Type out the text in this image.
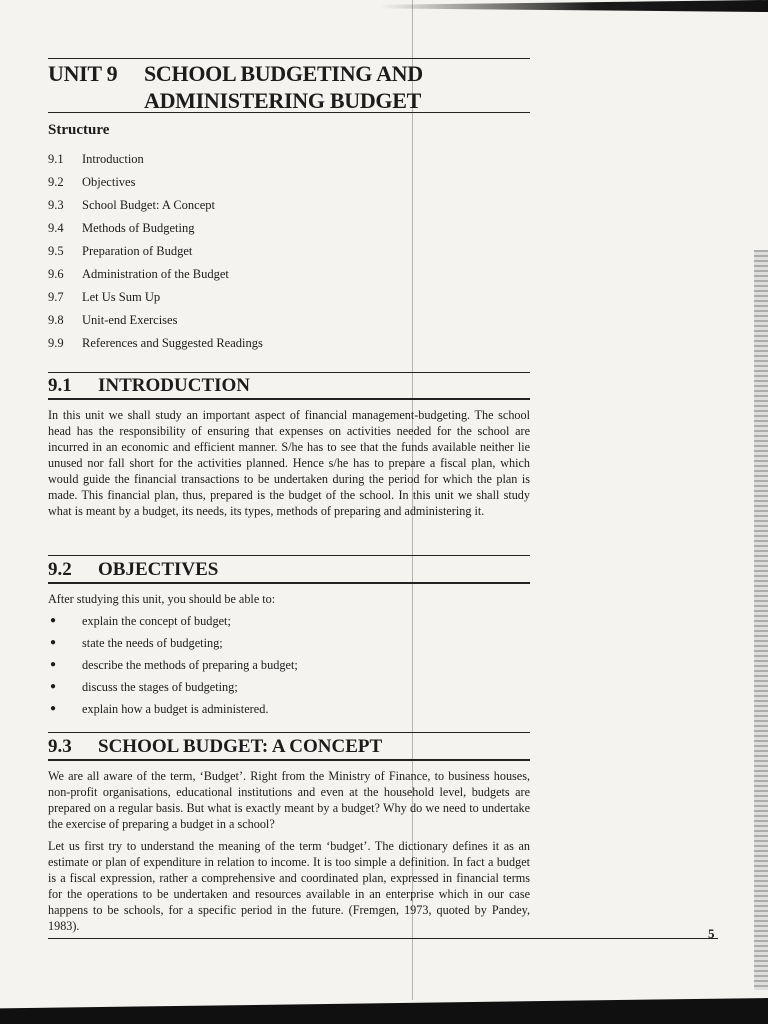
UNIT 9 SCHOOL BUDGETING AND
ADMINISTERING BUDGET
Structure
9.1	Introduction
9.2	Objectives
9.3	School Budget: A Concept
9.4	Methods of Budgeting
9.5	Preparation of Budget
9.6	Administration of the Budget
9.7	Let Us Sum Up
9.8	Unit-end Exercises
9.9	References and Suggested Readings
9.1 INTRODUCTION

In this unit we shall study an important aspect of financial management-budgeting. The school head has the responsibility of ensuring that expenses on activities needed for the school are incurred in an economic and efficient manner. S/he has to see that the funds available neither lie unused nor fall short for the activities planned. Hence s/he has to prepare a fiscal plan, which would guide the financial transactions to be undertaken during the period for which the plan is made. This financial plan, thus, prepared is the budget of the school. In this unit we shall study what is meant by a budget, its needs, its types, methods of preparing and administering it.

9.2 OBJECTIVES

After studying this unit, you should be able to:

●	explain the concept of budget;
●	state the needs of budgeting;
●	describe the methods of preparing a budget;
●	discuss the stages of budgeting;
●	explain how a budget is administered.
9.3 SCHOOL BUDGET: A CONCEPT

We are all aware of the term, ‘Budget’. Right from the Ministry of Finance, to business houses, non-profit organisations, educational institutions and even at the household level, budgets are prepared on a regular basis. But what is exactly meant by a budget? Why do we need to undertake the exercise of preparing a budget in a school?

Let us first try to understand the meaning of the term ‘budget’. The dictionary defines it as an estimate or plan of expenditure in relation to income. It is too simple a definition. In fact a budget is a fiscal expression, rather a comprehensive and coordinated plan, expressed in financial terms for the operations to be undertaken and resources available in an enterprise which in our case happens to be schools, for a specific period in the future. (Fremgen, 1973, quoted by Pandey, 1983).	5
